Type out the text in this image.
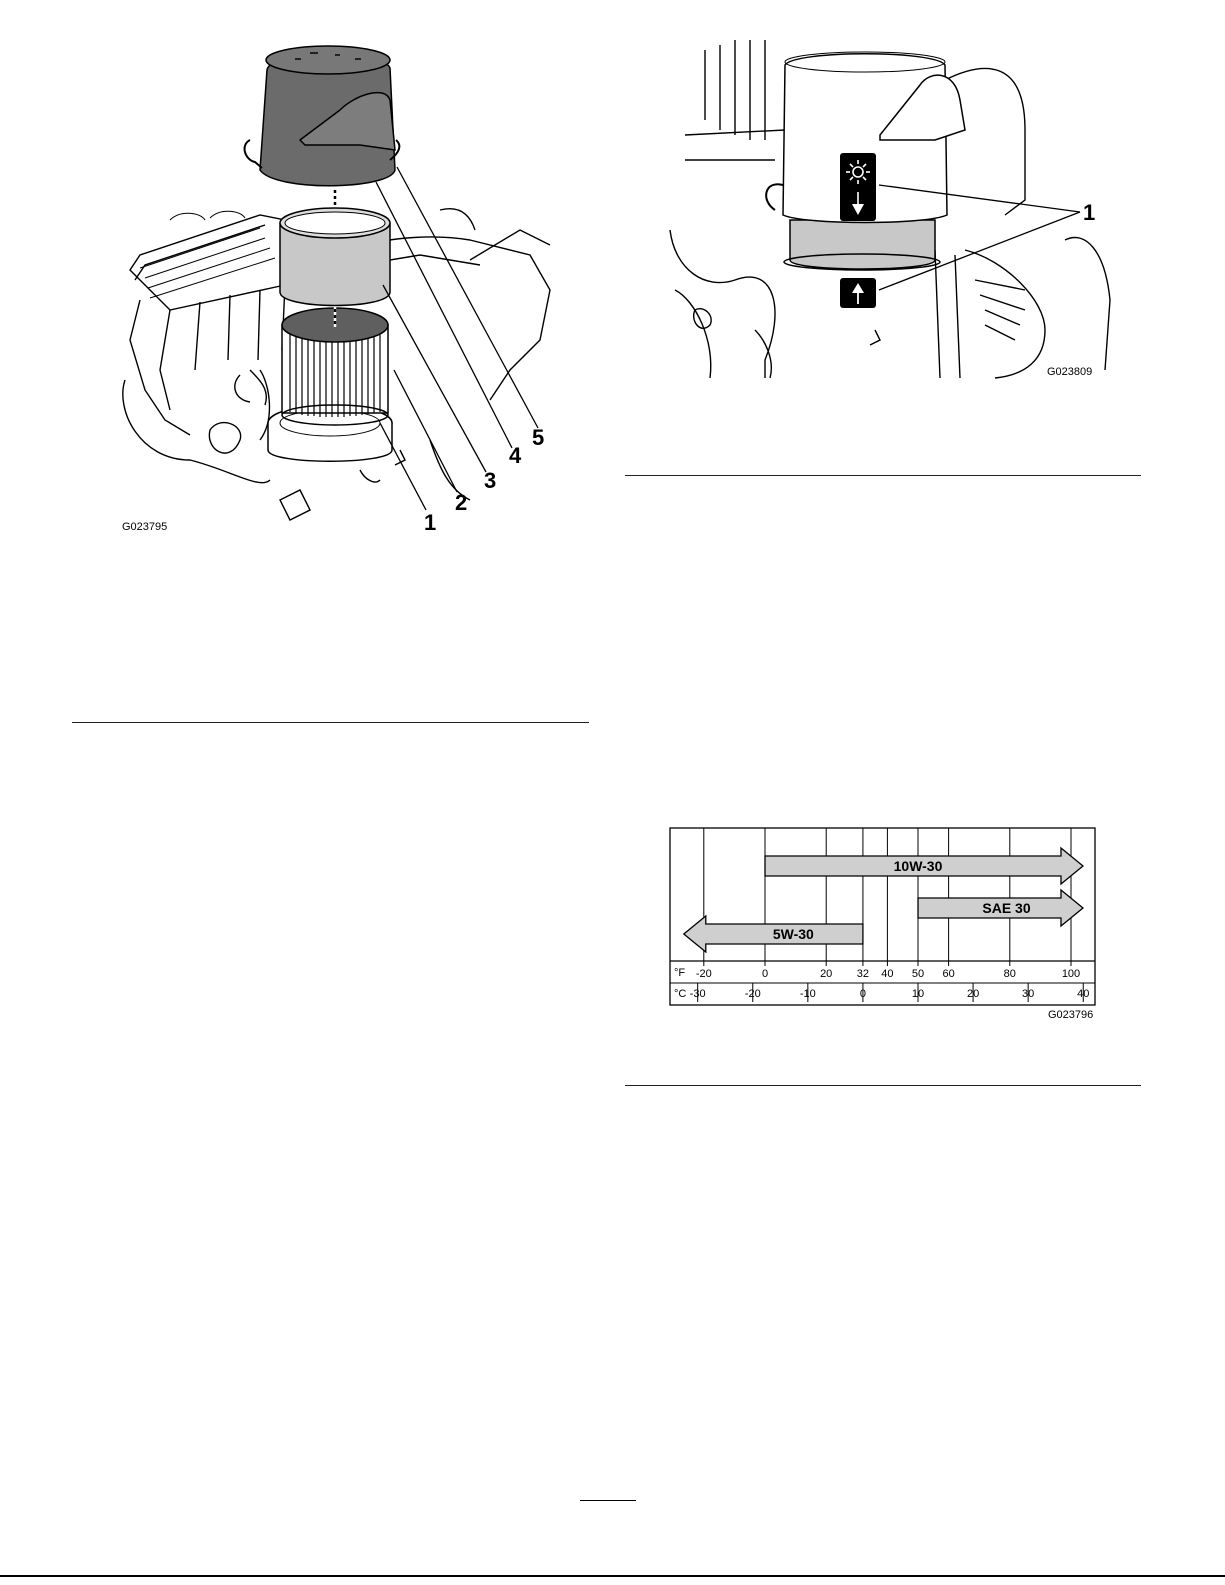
1
2
3
4
5
G023795
1
G023809
10W-30
SAE 30
5W-30
°F
°C
-20	0	20 32 40 50 60	80	100
-30	-20	-10	0	10	20	30	40
G023796
